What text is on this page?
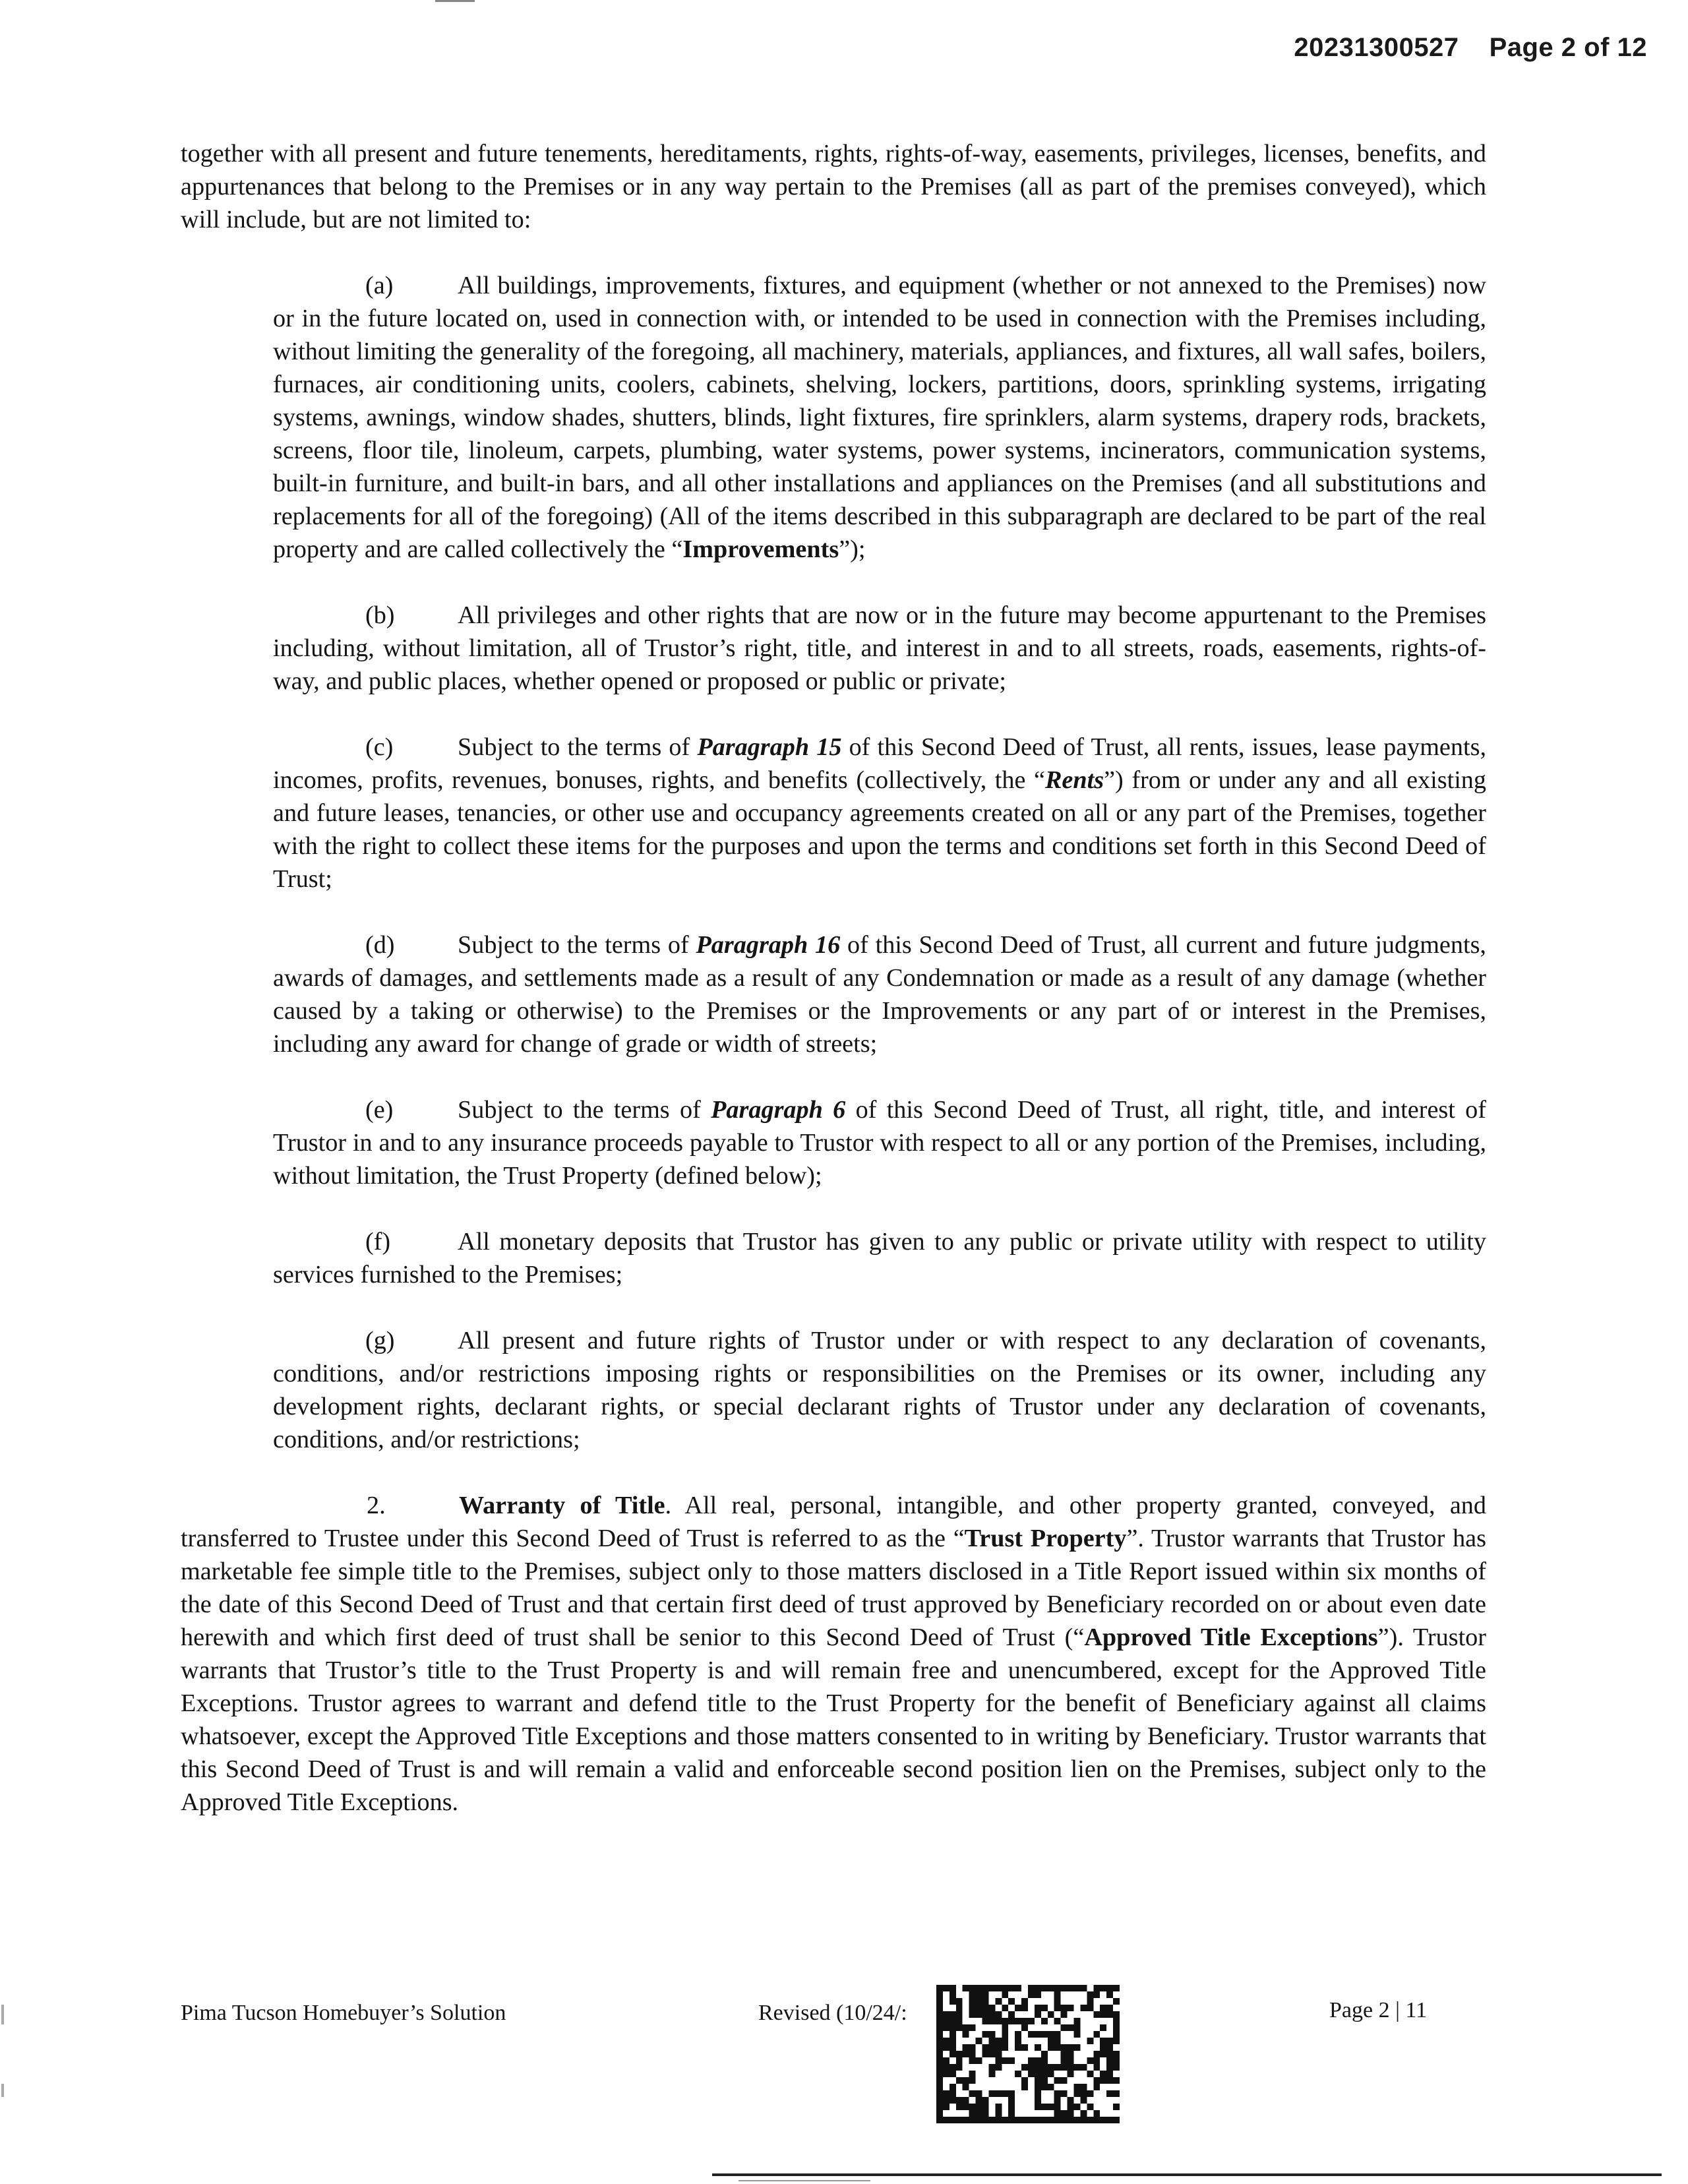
20231300527 Page 2 of 12

together with all present and future tenements, hereditaments, rights, rights-of-way, easements, privileges, licenses, benefits, and appurtenances that belong to the Premises or in any way pertain to the Premises (all as part of the premises conveyed), which will include, but are not limited to:

(a)	All buildings, improvements, fixtures, and equipment (whether or not annexed to the Premises) now or in the future located on, used in connection with, or intended to be used in connection with the Premises including, without limiting the generality of the foregoing, all machinery, materials, appliances, and fixtures, all wall safes, boilers, furnaces, air conditioning units, coolers, cabinets, shelving, lockers, partitions, doors, sprinkling systems, irrigating systems, awnings, window shades, shutters, blinds, light fixtures, fire sprinklers, alarm systems, drapery rods, brackets, screens, floor tile, linoleum, carpets, plumbing, water systems, power systems, incinerators, communication systems, built-in furniture, and built-in bars, and all other installations and appliances on the Premises (and all substitutions and replacements for all of the foregoing) (All of the items described in this subparagraph are declared to be part of the real property and are called collectively the “Improvements”);

(b) All privileges and other rights that are now or in the future may become appurtenant to the Premises including, without limitation, all of Trustor’s right, title, and interest in and to all streets, roads, easements, rights-of-way, and public places, whether opened or proposed or public or private;

(c)	Subject to the terms of Paragraph 15 of this Second Deed of Trust, all rents, issues, lease payments, incomes, profits, revenues, bonuses, rights, and benefits (collectively, the “Rents”) from or under any and all existing and future leases, tenancies, or other use and occupancy agreements created on all or any part of the Premises, together with the right to collect these items for the purposes and upon the terms and conditions set forth in this Second Deed of Trust;

(d) Subject to the terms of Paragraph 16 of this Second Deed of Trust, all current and future judgments, awards of damages, and settlements made as a result of any Condemnation or made as a result of any damage (whether caused by a taking or otherwise) to the Premises or the Improvements or any part of or interest in the Premises, including any award for change of grade or width of streets;

(e)	Subject to the terms of Paragraph 6 of this Second Deed of Trust, all right, title, and interest of Trustor in and to any insurance proceeds payable to Trustor with respect to all or any portion of the Premises, including, without limitation, the Trust Property (defined below);

(f)	All monetary deposits that Trustor has given to any public or private utility with respect to utility services furnished to the Premises;

(g) All present and future rights of Trustor under or with respect to any declaration of covenants, conditions, and/or restrictions imposing rights or responsibilities on the Premises or its owner, including any development rights, declarant rights, or special declarant rights of Trustor under any declaration of covenants, conditions, and/or restrictions;

2.	Warranty of Title. All real, personal, intangible, and other property granted, conveyed, and transferred to Trustee under this Second Deed of Trust is referred to as the “Trust Property”. Trustor warrants that Trustor has marketable fee simple title to the Premises, subject only to those matters disclosed in a Title Report issued within six months of the date of this Second Deed of Trust and that certain first deed of trust approved by Beneficiary recorded on or about even date herewith and which first deed of trust shall be senior to this Second Deed of Trust (“Approved Title Exceptions”). Trustor warrants that Trustor’s title to the Trust Property is and will remain free and unencumbered, except for the Approved Title Exceptions. Trustor agrees to warrant and defend title to the Trust Property for the benefit of Beneficiary against all claims whatsoever, except the Approved Title Exceptions and those matters consented to in writing by Beneficiary. Trustor warrants that this Second Deed of Trust is and will remain a valid and enforceable second position lien on the Premises, subject only to the Approved Title Exceptions.

Pima Tucson Homebuyer’s Solution	Revised (10/24/:	Page 2 | 11
